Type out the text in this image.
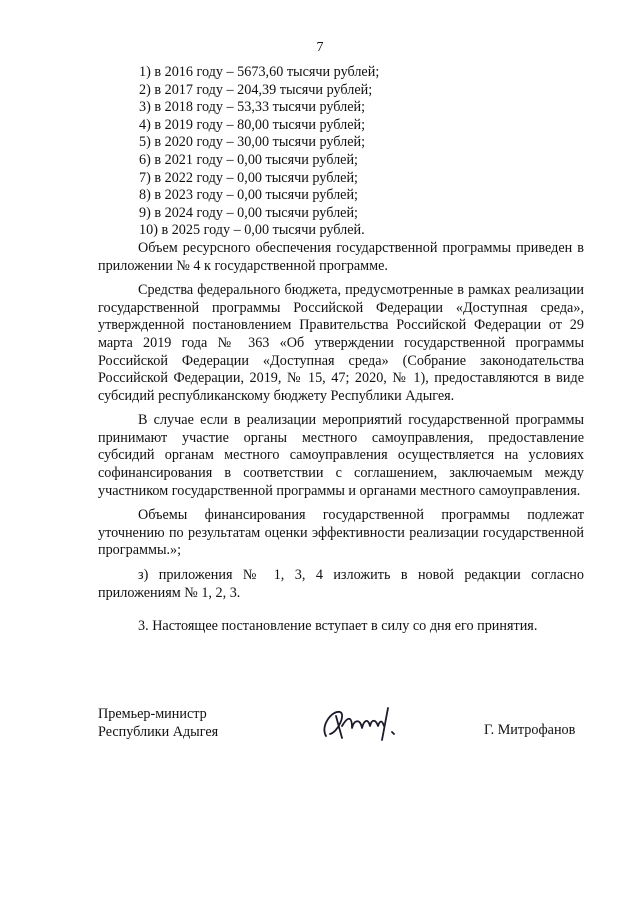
7
1) в 2016 году – 5673,60 тысячи рублей;
2) в 2017 году – 204,39 тысячи рублей;
3) в 2018 году – 53,33 тысячи рублей;
4) в 2019 году – 80,00 тысячи рублей;
5) в 2020 году – 30,00 тысячи рублей;
6) в 2021 году – 0,00 тысячи рублей;
7) в 2022 году – 0,00 тысячи рублей;
8) в 2023 году – 0,00 тысячи рублей;
9) в 2024 году – 0,00 тысячи рублей;
10) в 2025 году – 0,00 тысячи рублей.
Объем ресурсного обеспечения государственной программы приведен в приложении № 4 к государственной программе.
Средства федерального бюджета, предусмотренные в рамках реализации государственной программы Российской Федерации «Доступная среда», утвержденной постановлением Правительства Российской Федерации от 29 марта 2019 года № 363 «Об утверждении государственной программы Российской Федерации «Доступная среда» (Собрание законодательства Российской Федерации, 2019, № 15, 47; 2020, № 1), предоставляются в виде субсидий республиканскому бюджету Республики Адыгея.
В случае если в реализации мероприятий государственной программы принимают участие органы местного самоуправления, предоставление субсидий органам местного самоуправления осуществляется на условиях софинансирования в соответствии с соглашением, заключаемым между участником государственной программы и органами местного самоуправления.
Объемы финансирования государственной программы подлежат уточнению по результатам оценки эффективности реализации государственной программы.»;
з) приложения № 1, 3, 4 изложить в новой редакции согласно приложениям № 1, 2, 3.
3. Настоящее постановление вступает в силу со дня его принятия.
Премьер-министр
Республики Адыгея	Г. Митрофанов
